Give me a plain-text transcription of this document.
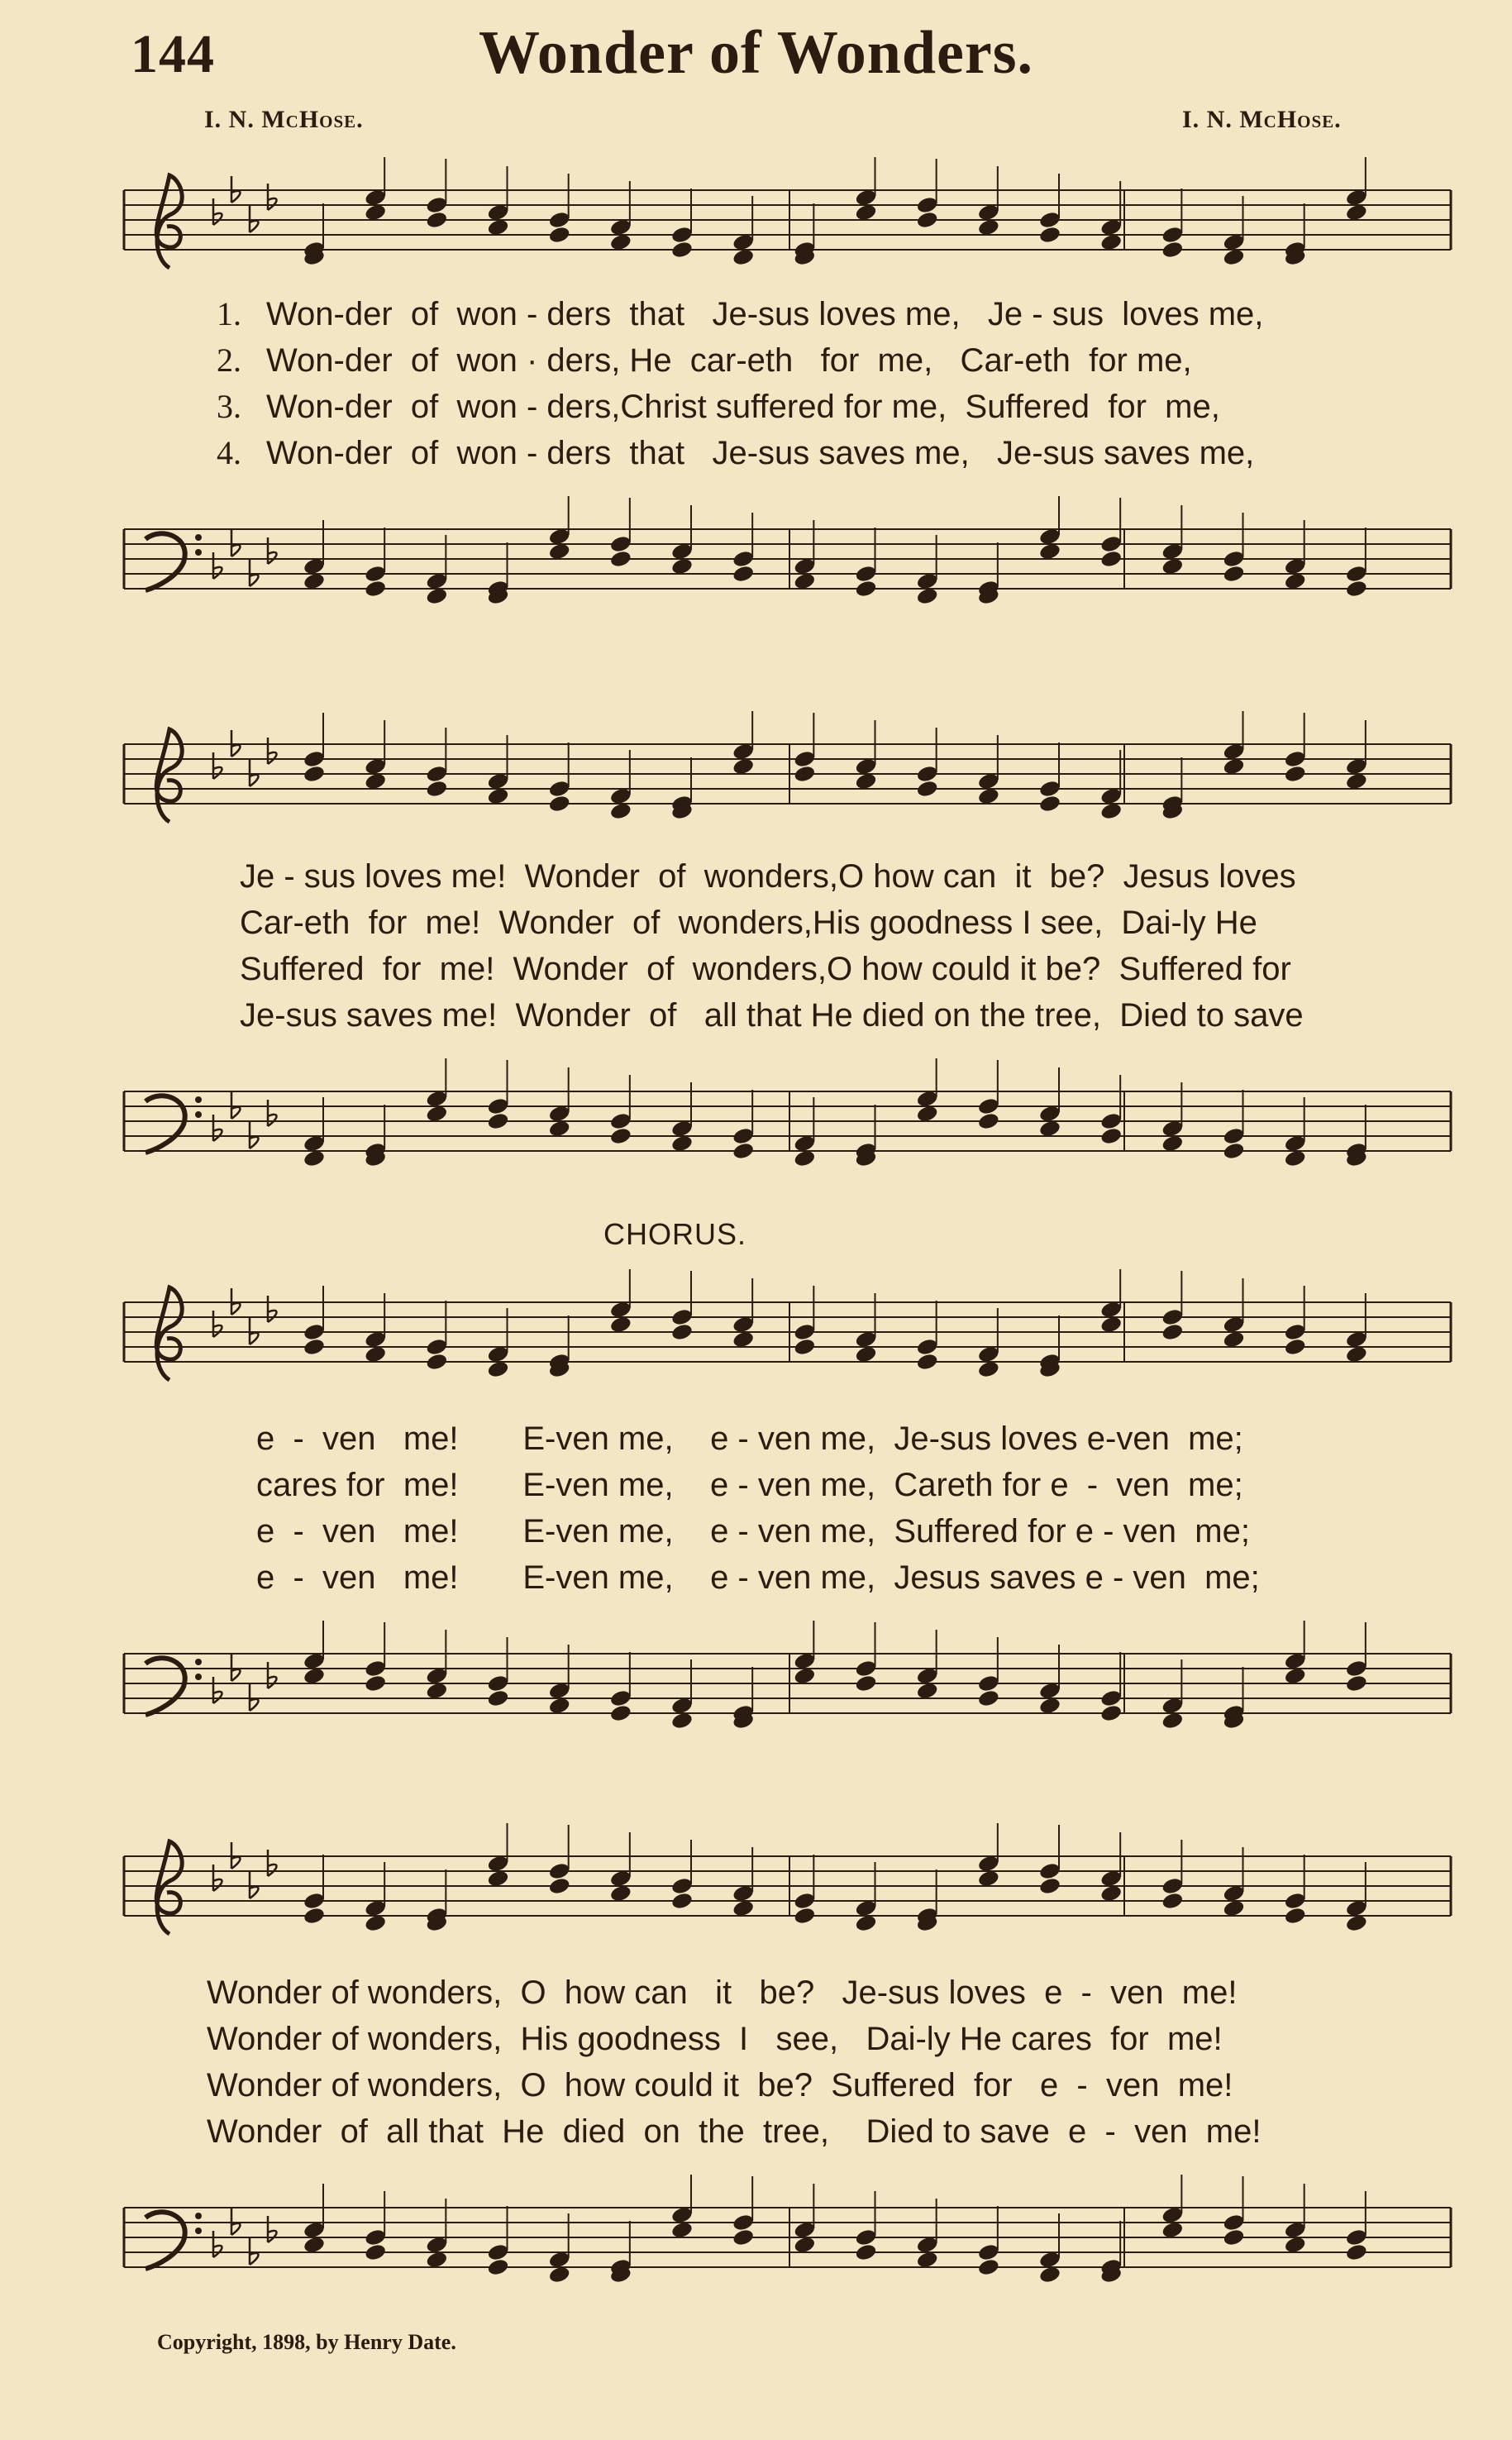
144	Wonder of Wonders.
I. N. McHose.	I. N. McHose.
1. Won-der  of  won - ders  that   Je-sus loves me,   Je - sus  loves me,
2. Won-der  of  won · ders, He  car-eth   for  me,   Car-eth  for me,
3. Won-der  of  won - ders,Christ suffered for me,  Suffered  for  me,
4. Won-der  of  won - ders  that   Je-sus saves me,   Je-sus saves me,
Je - sus loves me!  Wonder  of  wonders,O how can  it  be?  Jesus loves
Car-eth  for  me!  Wonder  of  wonders,His goodness I see,  Dai-ly He
Suffered  for  me!  Wonder  of  wonders,O how could it be?  Suffered for
Je-sus saves me!  Wonder  of   all that He died on the tree,  Died to save
CHORUS.
e  -  ven   me!       E-ven me,    e - ven me,  Je-sus loves e-ven  me;
cares for  me!       E-ven me,    e - ven me,  Careth for e  -  ven  me;
e  -  ven   me!       E-ven me,    e - ven me,  Suffered for e - ven  me;
e  -  ven   me!       E-ven me,    e - ven me,  Jesus saves e - ven  me;
Wonder of wonders,  O  how can   it   be?   Je-sus loves  e  -  ven  me!
Wonder of wonders,  His goodness  I   see,   Dai-ly He cares  for  me!
Wonder of wonders,  O  how could it  be?  Suffered  for   e  -  ven  me!
Wonder  of  all that  He  died  on  the  tree,    Died to save  e  -  ven  me!
Copyright, 1898, by Henry Date.
